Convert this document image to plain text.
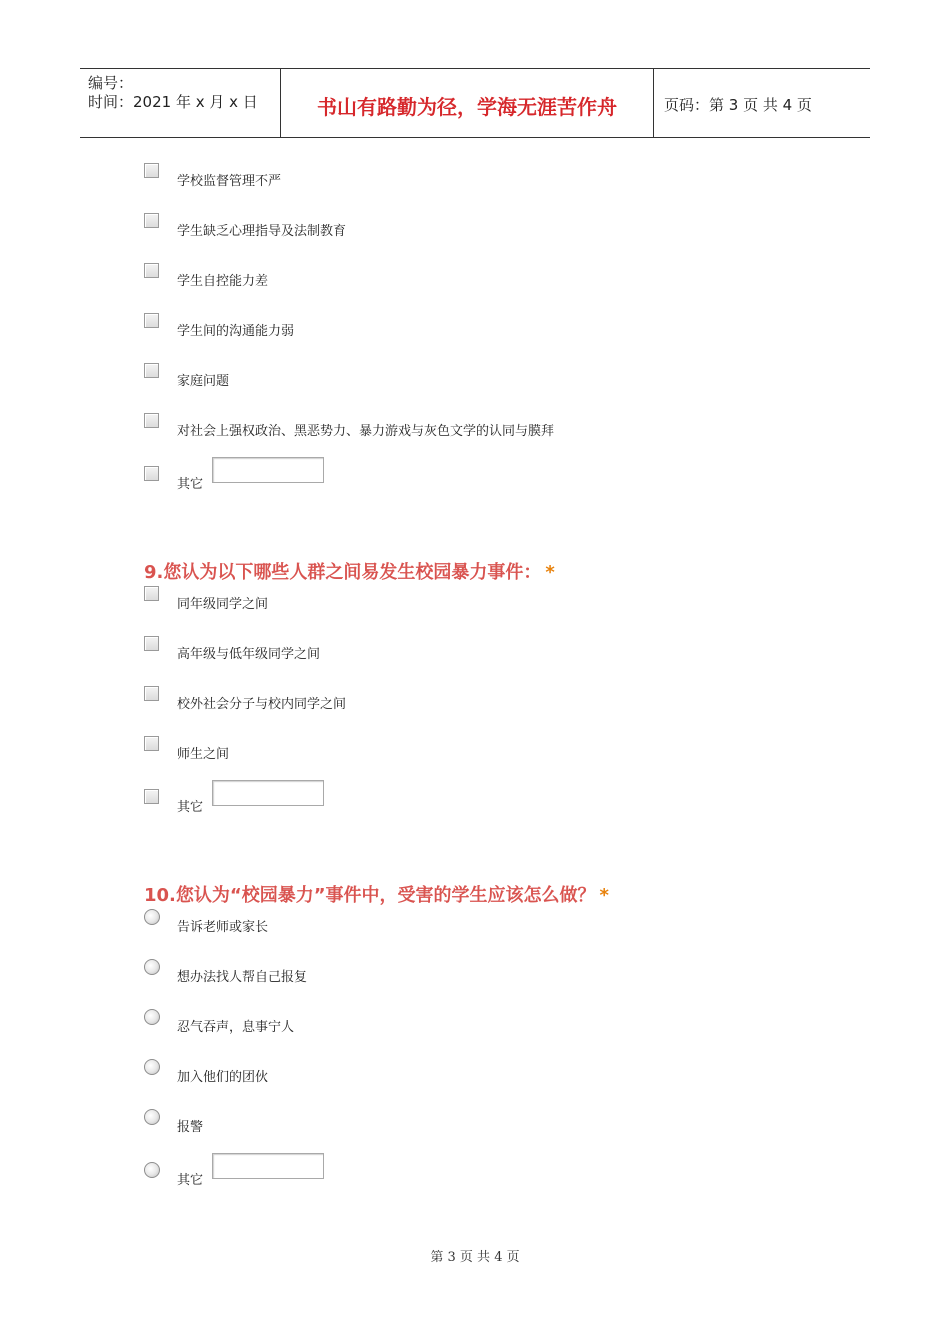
编号：
时间：2021 年 x 月 x 日	书山有路勤为径，学海无涯苦作舟	页码：第 3 页 共 4 页
学校监督管理不严
学生缺乏心理指导及法制教育
学生自控能力差
学生间的沟通能力弱
家庭问题
对社会上强权政治、黑恶势力、暴力游戏与灰色文学的认同与膜拜
其它
9.您认为以下哪些人群之间易发生校园暴力事件： *
同年级同学之间
高年级与低年级同学之间
校外社会分子与校内同学之间
师生之间
其它
10.您认为“校园暴力”事件中，受害的学生应该怎么做？ *
告诉老师或家长
想办法找人帮自己报复
忍气吞声，息事宁人
加入他们的团伙
报警
其它
第 3 页 共 4 页
